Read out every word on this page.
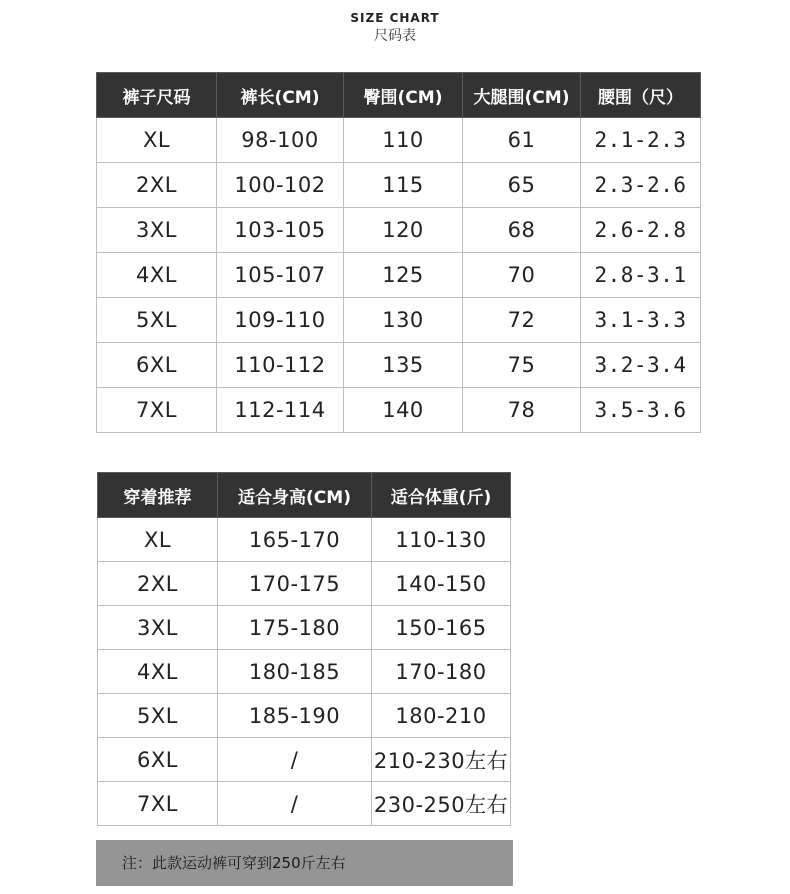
SIZE CHART
尺码表
裤子尺码	裤长(CM)	臀围(CM)	大腿围(CM)	腰围（尺）
XL	98-100	110	61	2.1-2.3
2XL	100-102	115	65	2.3-2.6
3XL	103-105	120	68	2.6-2.8
4XL	105-107	125	70	2.8-3.1
5XL	109-110	130	72	3.1-3.3
6XL	110-112	135	75	3.2-3.4
7XL	112-114	140	78	3.5-3.6
穿着推荐	适合身高(CM)	适合体重(斤)
XL	165-170	110-130
2XL	170-175	140-150
3XL	175-180	150-165
4XL	180-185	170-180
5XL	185-190	180-210
6XL	/	210-230左右
7XL	/	230-250左右
注：此款运动裤可穿到250斤左右
